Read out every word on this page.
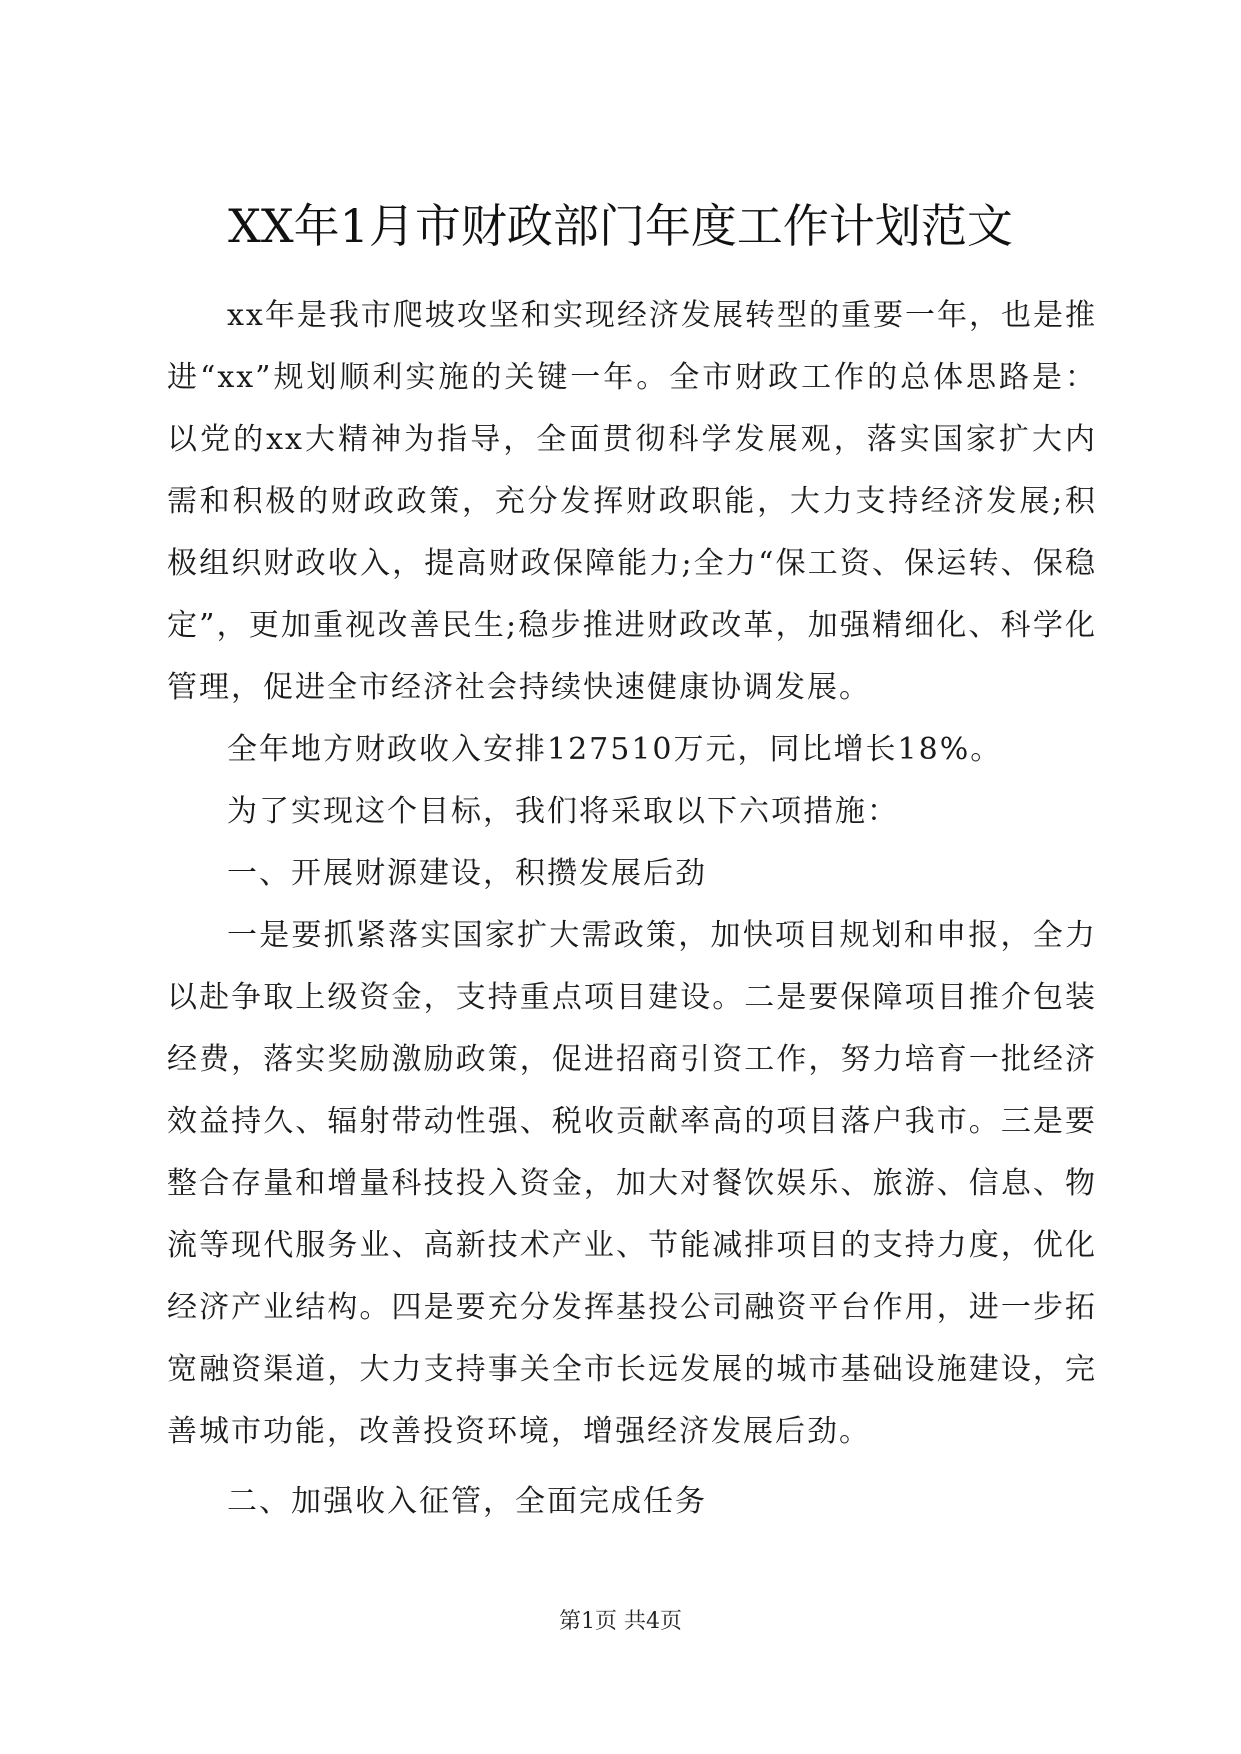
XX年1月市财政部门年度工作计划范文

xx年是我市爬坡攻坚和实现经济发展转型的重要一年，也是推进“xx”规划顺利实施的关键一年。全市财政工作的总体思路是：以党的xx大精神为指导，全面贯彻科学发展观，落实国家扩大内需和积极的财政政策，充分发挥财政职能，大力支持经济发展;积极组织财政收入，提高财政保障能力;全力“保工资、保运转、保稳定”，更加重视改善民生;稳步推进财政改革，加强精细化、科学化管理，促进全市经济社会持续快速健康协调发展。

全年地方财政收入安排127510万元，同比增长18%。

为了实现这个目标，我们将采取以下六项措施：

一、开展财源建设，积攒发展后劲

一是要抓紧落实国家扩大需政策，加快项目规划和申报，全力以赴争取上级资金，支持重点项目建设。二是要保障项目推介包装经费，落实奖励激励政策，促进招商引资工作，努力培育一批经济效益持久、辐射带动性强、税收贡献率高的项目落户我市。三是要整合存量和增量科技投入资金，加大对餐饮娱乐、旅游、信息、物流等现代服务业、高新技术产业、节能减排项目的支持力度，优化经济产业结构。四是要充分发挥基投公司融资平台作用，进一步拓宽融资渠道，大力支持事关全市长远发展的城市基础设施建设，完善城市功能，改善投资环境，增强经济发展后劲。

二、加强收入征管，全面完成任务

第1页 共4页
